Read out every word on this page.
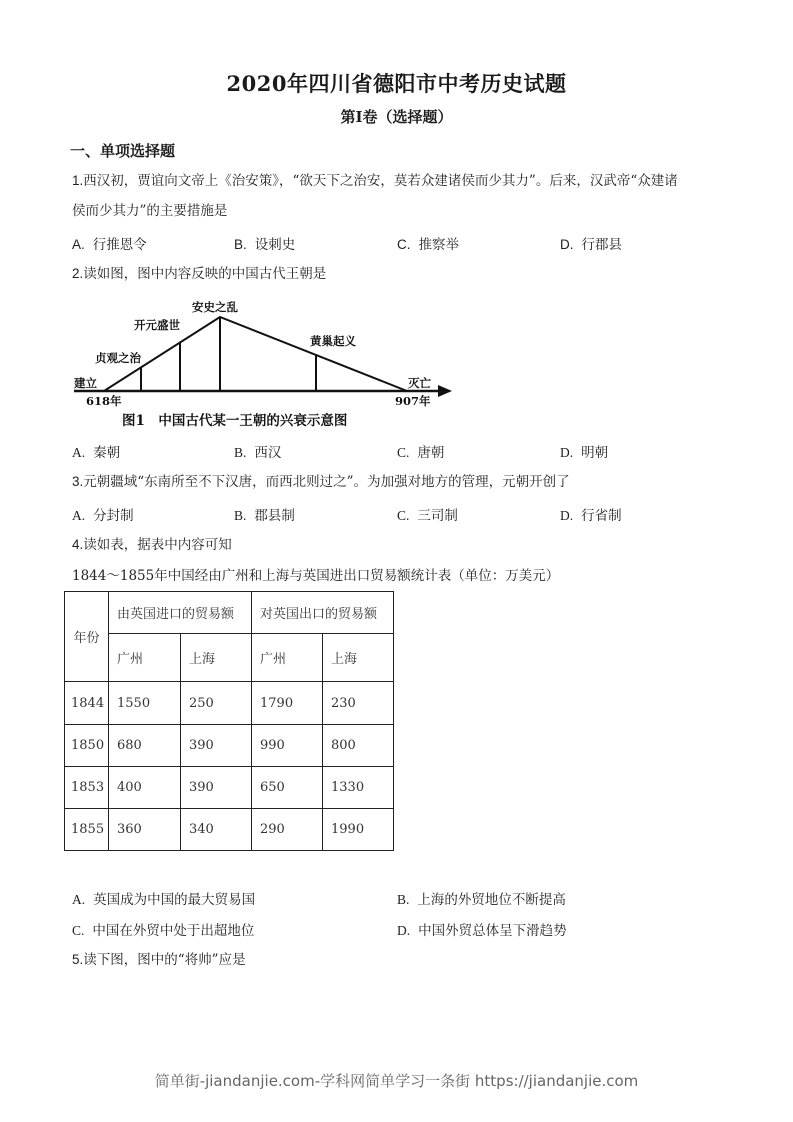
2020年四川省德阳市中考历史试题
第Ⅰ卷（选择题）
一、单项选择题
1.西汉初，贾谊向文帝上《治安策》，“欲天下之治安，莫若众建诸侯而少其力”。后来，汉武帝“众建诸
侯而少其力”的主要措施是
A. 行推恩令	B. 设刺史	C. 推察举	D. 行郡县
2.读如图，图中内容反映的中国古代王朝是
建立
618年
贞观之治
开元盛世
安史之乱
黄巢起义
灭亡
907年
图1　中国古代某一王朝的兴衰示意图
A. 秦朝	B. 西汉	C. 唐朝	D. 明朝
3.元朝疆域“东南所至不下汉唐，而西北则过之”。为加强对地方的管理，元朝开创了
A. 分封制	B. 郡县制	C. 三司制	D. 行省制
4.读如表，据表中内容可知
1844～1855年中国经由广州和上海与英国进出口贸易额统计表（单位：万美元）
年份	由英国进口的贸易额		对英国出口的贸易额	
	广州	上海	广州	上海
1844	1550	250	1790	230
1850	680	390	990	800
1853	400	390	650	1330
1855	360	340	290	1990
A. 英国成为中国的最大贸易国	B. 上海的外贸地位不断提高
C. 中国在外贸中处于出超地位	D. 中国外贸总体呈下滑趋势
5.读下图，图中的“将帅”应是
简单街-jiandanjie.com-学科网简单学习一条街 https://jiandanjie.com
